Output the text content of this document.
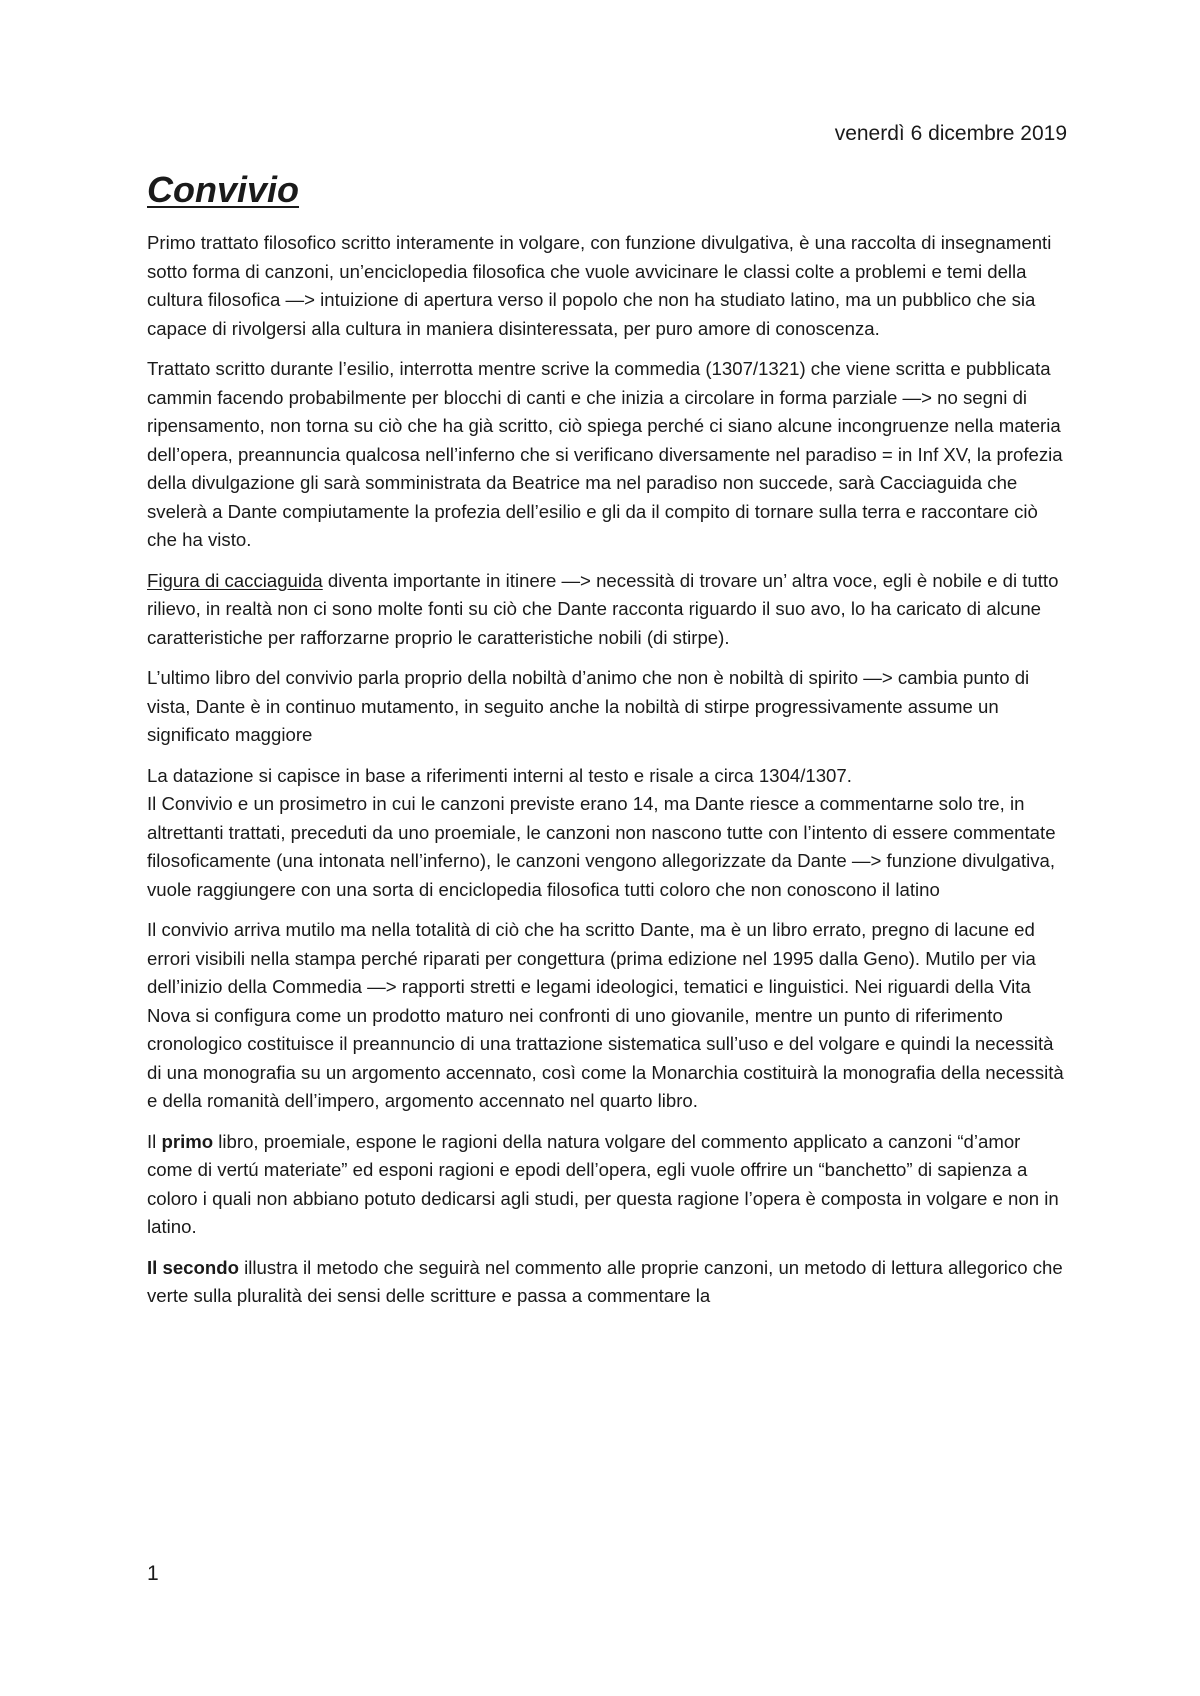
venerdì 6 dicembre 2019
Convivio

Primo trattato filosofico scritto interamente in volgare, con funzione divulgativa, è una raccolta di insegnamenti sotto forma di canzoni, un’enciclopedia filosofica che vuole avvicinare le classi colte a problemi e temi della cultura filosofica —> intuizione di apertura verso il popolo che non ha studiato latino, ma un pubblico che sia capace di rivolgersi alla cultura in maniera disinteressata, per puro amore di conoscenza.

Trattato scritto durante l’esilio, interrotta mentre scrive la commedia (1307/1321) che viene scritta e pubblicata cammin facendo probabilmente per blocchi di canti e che inizia a circolare in forma parziale —> no segni di ripensamento, non torna su ciò che ha già scritto, ciò spiega perché ci siano alcune incongruenze nella materia dell’opera, preannuncia qualcosa nell’inferno che si verificano diversamente nel paradiso = in Inf XV, la profezia della divulgazione gli sarà somministrata da Beatrice ma nel paradiso non succede, sarà Cacciaguida che svelerà a Dante compiutamente la profezia dell’esilio e gli da il compito di tornare sulla terra e raccontare ciò che ha visto.

Figura di cacciaguida diventa importante in itinere —> necessità di trovare un’ altra voce, egli è nobile e di tutto rilievo, in realtà non ci sono molte fonti su ciò che Dante racconta riguardo il suo avo, lo ha caricato di alcune caratteristiche per rafforzarne proprio le caratteristiche nobili (di stirpe).

L’ultimo libro del convivio parla proprio della nobiltà d’animo che non è nobiltà di spirito —> cambia punto di vista, Dante è in continuo mutamento, in seguito anche la nobiltà di stirpe progressivamente assume un significato maggiore

La datazione si capisce in base a riferimenti interni al testo e risale a circa 1304/1307.
Il Convivio e un prosimetro in cui le canzoni previste erano 14, ma Dante riesce a commentarne solo tre, in altrettanti trattati, preceduti da uno proemiale, le canzoni non nascono tutte con l’intento di essere commentate filosoficamente (una intonata nell’inferno), le canzoni vengono allegorizzate da Dante —> funzione divulgativa, vuole raggiungere con una sorta di enciclopedia filosofica tutti coloro che non conoscono il latino

Il convivio arriva mutilo ma nella totalità di ciò che ha scritto Dante, ma è un libro errato, pregno di lacune ed errori visibili nella stampa perché riparati per congettura (prima edizione nel 1995 dalla Geno). Mutilo per via dell’inizio della Commedia —> rapporti stretti e legami ideologici, tematici e linguistici. Nei riguardi della Vita Nova si configura come un prodotto maturo nei confronti di uno giovanile, mentre un punto di riferimento cronologico costituisce il preannuncio di una trattazione sistematica sull’uso e del volgare e quindi la necessità di una monografia su un argomento accennato, così come la Monarchia costituirà la monografia della necessità e della romanità dell’impero, argomento accennato nel quarto libro.

Il primo libro, proemiale, espone le ragioni della natura volgare del commento applicato a canzoni “d’amor come di vertú materiate” ed esponi ragioni e epodi dell’opera, egli vuole offrire un “banchetto” di sapienza a coloro i quali non abbiano potuto dedicarsi agli studi, per questa ragione l’opera è composta in volgare e non in latino.

Il secondo illustra il metodo che seguirà nel commento alle proprie canzoni, un metodo di lettura allegorico che verte sulla pluralità dei sensi delle scritture e passa a commentare la

1
